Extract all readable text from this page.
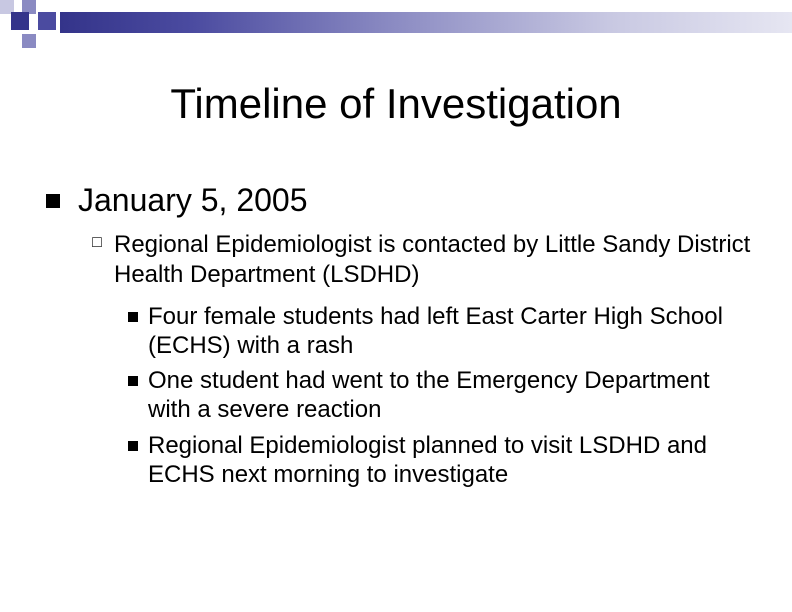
Timeline of Investigation
January 5, 2005
□ Regional Epidemiologist is contacted by Little Sandy District Health Department (LSDHD)
Four female students had left East Carter High School (ECHS) with a rash
One student had went to the Emergency Department with a severe reaction
Regional Epidemiologist planned to visit LSDHD and ECHS next morning to investigate
